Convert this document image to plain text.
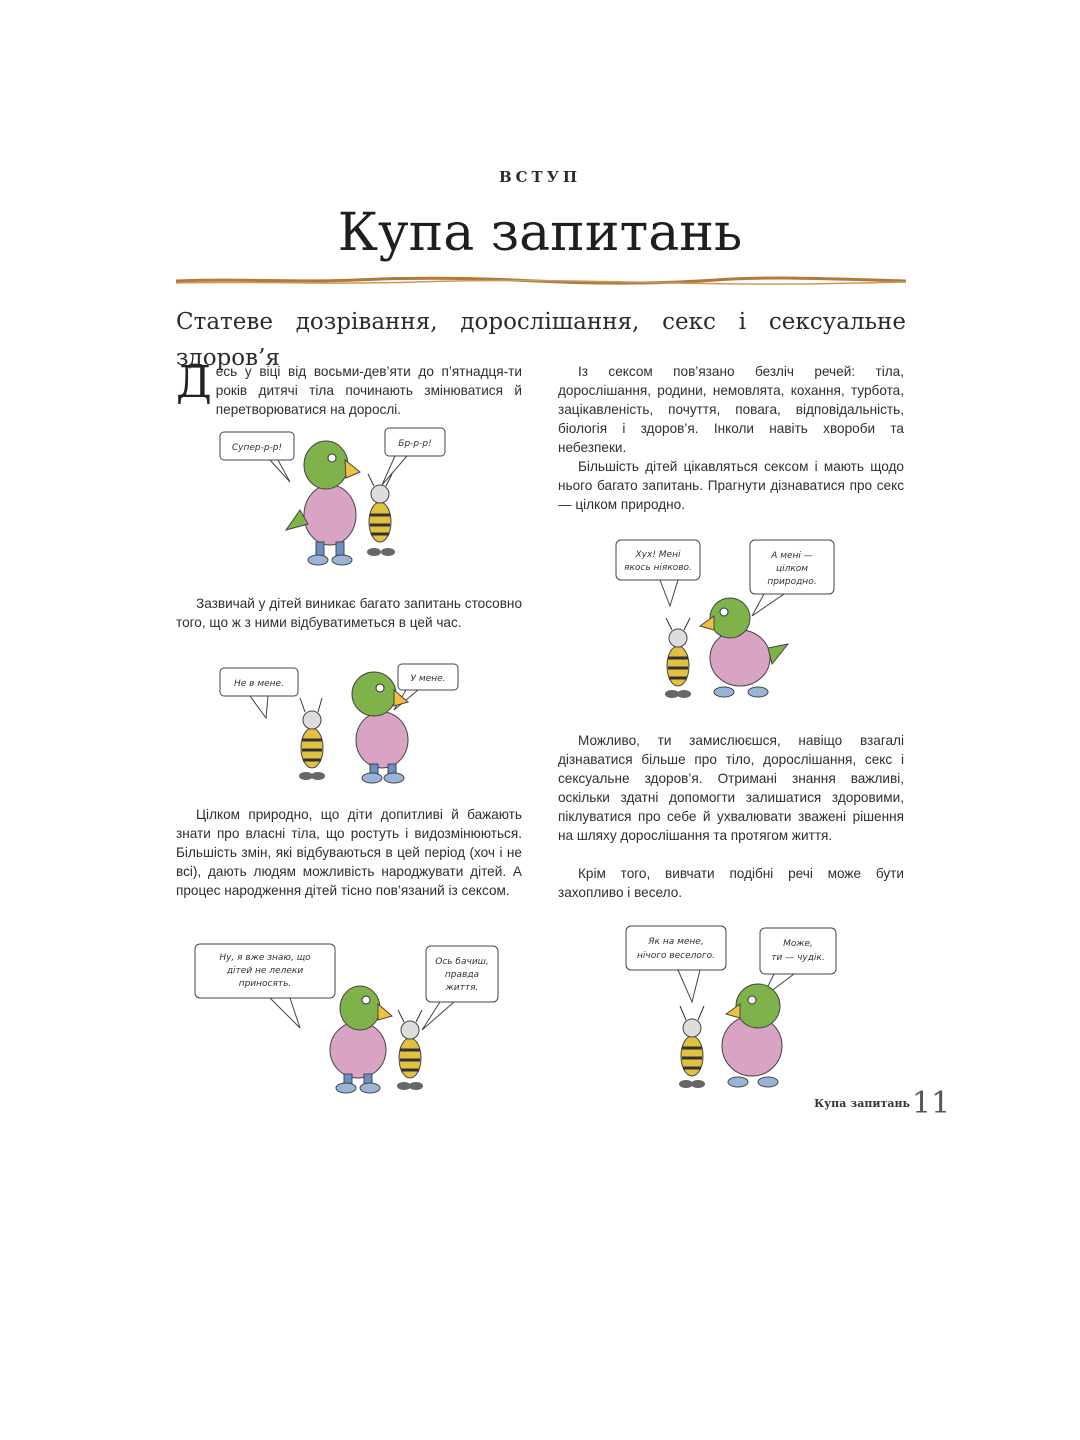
ВСТУП
Купа запитань
Статеве дозрівання, дорослішання, секс і сексуальне здоров’я
Десь у віці від восьми-дев’яти до п’ятнадця-ти років дитячі тіла починають змінюватися й перетворюватися на дорослі.
Супер-р-р!	Бр-р-р!
Зазвичай у дітей виникає багато запитань стосовно того, що ж з ними відбуватиметься в цей час.
Не в мене.	У мене.
Цілком природно, що діти допитливі й бажають знати про власні тіла, що ростуть і видозмінюються. Більшість змін, які відбуваються в цей період (хоч і не всі), дають людям можливість народжувати дітей. А процес народження дітей тісно пов’язаний із сексом.
Ну, я вже знаю, що
дітей не лелеки
приносять.
Ось бачиш,
правда
життя.
Із сексом пов’язано безліч речей: тіла, дорослішання, родини, немовлята, кохання, турбота, зацікавленість, почуття, повага, відповідальність, біологія і здоров’я. Інколи навіть хвороби та небезпеки.
Більшість дітей цікавляться сексом і мають щодо нього багато запитань. Прагнути дізнаватися про секс — цілком природно.
Хух! Мені
якось ніяково.
А мені —
цілком
природно.
Можливо, ти замислюєшся, навіщо взагалі дізнаватися більше про тіло, дорослішання, секс і сексуальне здоров’я. Отримані знання важливі, оскільки здатні допомогти залишатися здоровими, піклуватися про себе й ухвалювати зважені рішення на шляху дорослішання та протягом життя.
Крім того, вивчати подібні речі може бути захопливо і весело.
Як на мене,
нічого веселого.
Може,
ти — чудік.
Купа запитань 11
